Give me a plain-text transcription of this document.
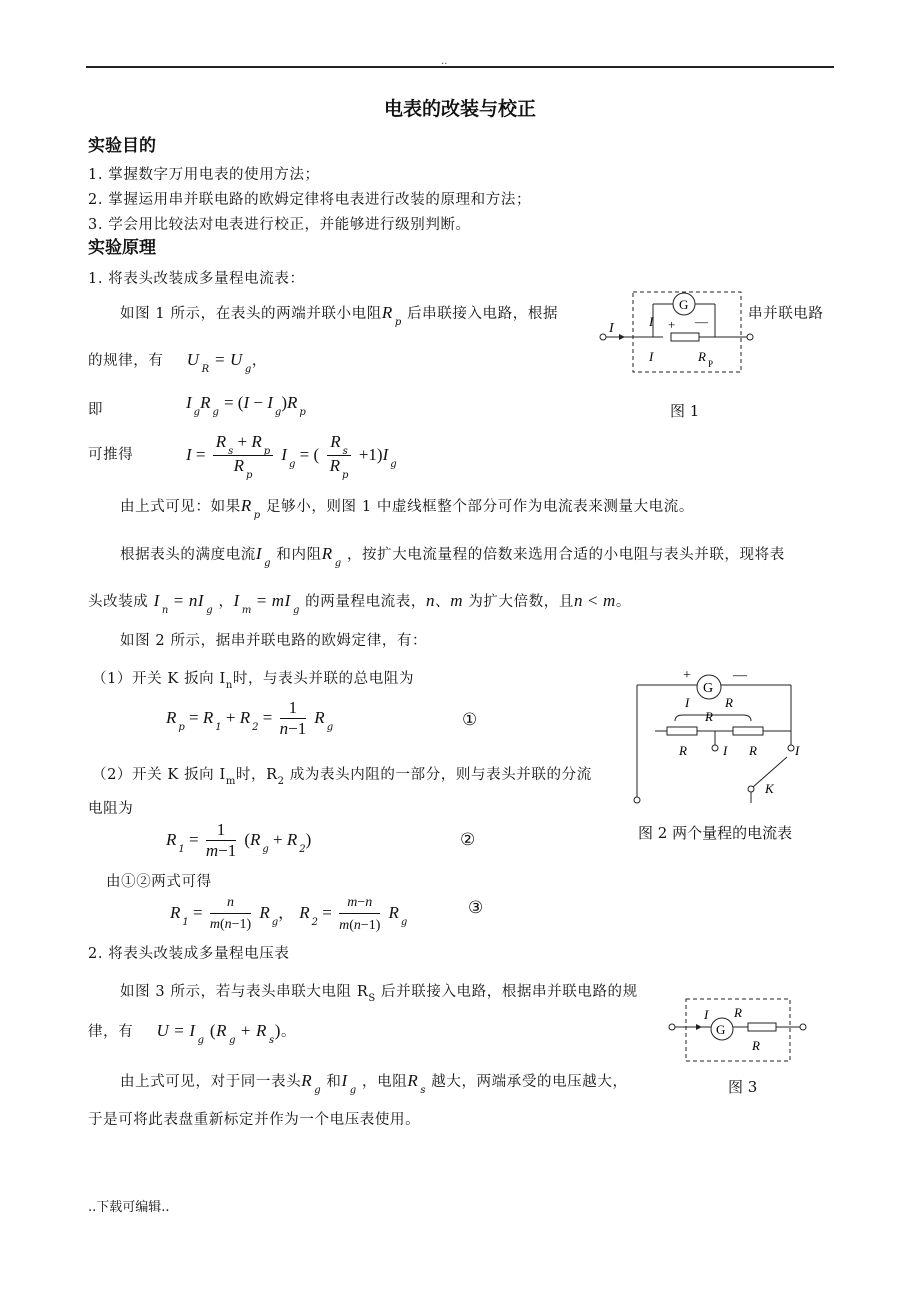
..
电表的改装与校正
实验目的
1. 掌握数字万用电表的使用方法；
2. 掌握运用串并联电路的欧姆定律将电表进行改装的原理和方法；
3. 学会用比较法对电表进行校正，并能够进行级别判断。
实验原理
1. 将表头改装成多量程电流表：
如图 1 所示，在表头的两端并联小电阻$R_p$ 后串联接入电路，根据	串并联电路
的规律，有 $U_R = U_g$，
即	$I_gR_g = (I - I_g)R_p$
可推得	$I = \frac{R_s + R_p}{R_p} I_g$ = ( $\frac{R_s}{R_p} +1)I_g$
由上式可见：如果$R_p$ 足够小，则图 1 中虚线框整个部分可作为电流表来测量大电流。
根据表头的满度电流$I_g$ 和内阻$R_g$ ，按扩大电流量程的倍数来选用合适的小电阻与表头并联，现将表
头改装成 $I_n = nI_g$ ，$I_m = mI_g$ 的两量程电流表，n、m 为扩大倍数，且n < m。
如图 2 所示，据串并联电路的欧姆定律，有：
（1）开关 K 扳向 $I_n$时，与表头并联的总电阻为
$R_p = R_1 + R_2 = \frac{1}{n-1} R_g$	①
（2）开关 K 扳向 $I_m$时，$R_2$ 成为表头内阻的一部分，则与表头并联的分流
电阻为
$R_1 = \frac{1}{m-1} (R_g + R_2)$	②
由①②两式可得
$R_1 = \frac{n}{m(n-1)} R_g$， $R_2 = \frac{m-n}{m(n-1)} R_g$
③
2. 将表头改装成多量程电压表
如图 3 所示，若与表头串联大电阻 $R_S$ 后并联接入电路，根据串并联电路的规
律，有 $U = I_g$ $(R_g + R_s)$。
由上式可见，对于同一表头$R_g$ 和$I_g$ ，电阻$R_s$ 越大，两端承受的电压越大，
于是可将此表盘重新标定并作为一个电压表使用。
G
I	I + —
I	R P
图 1
G
+	—
I	R
R
R	I R	I
K
图 2 两个量程的电流表
G
I R
R
图 3
..下载可编辑..
